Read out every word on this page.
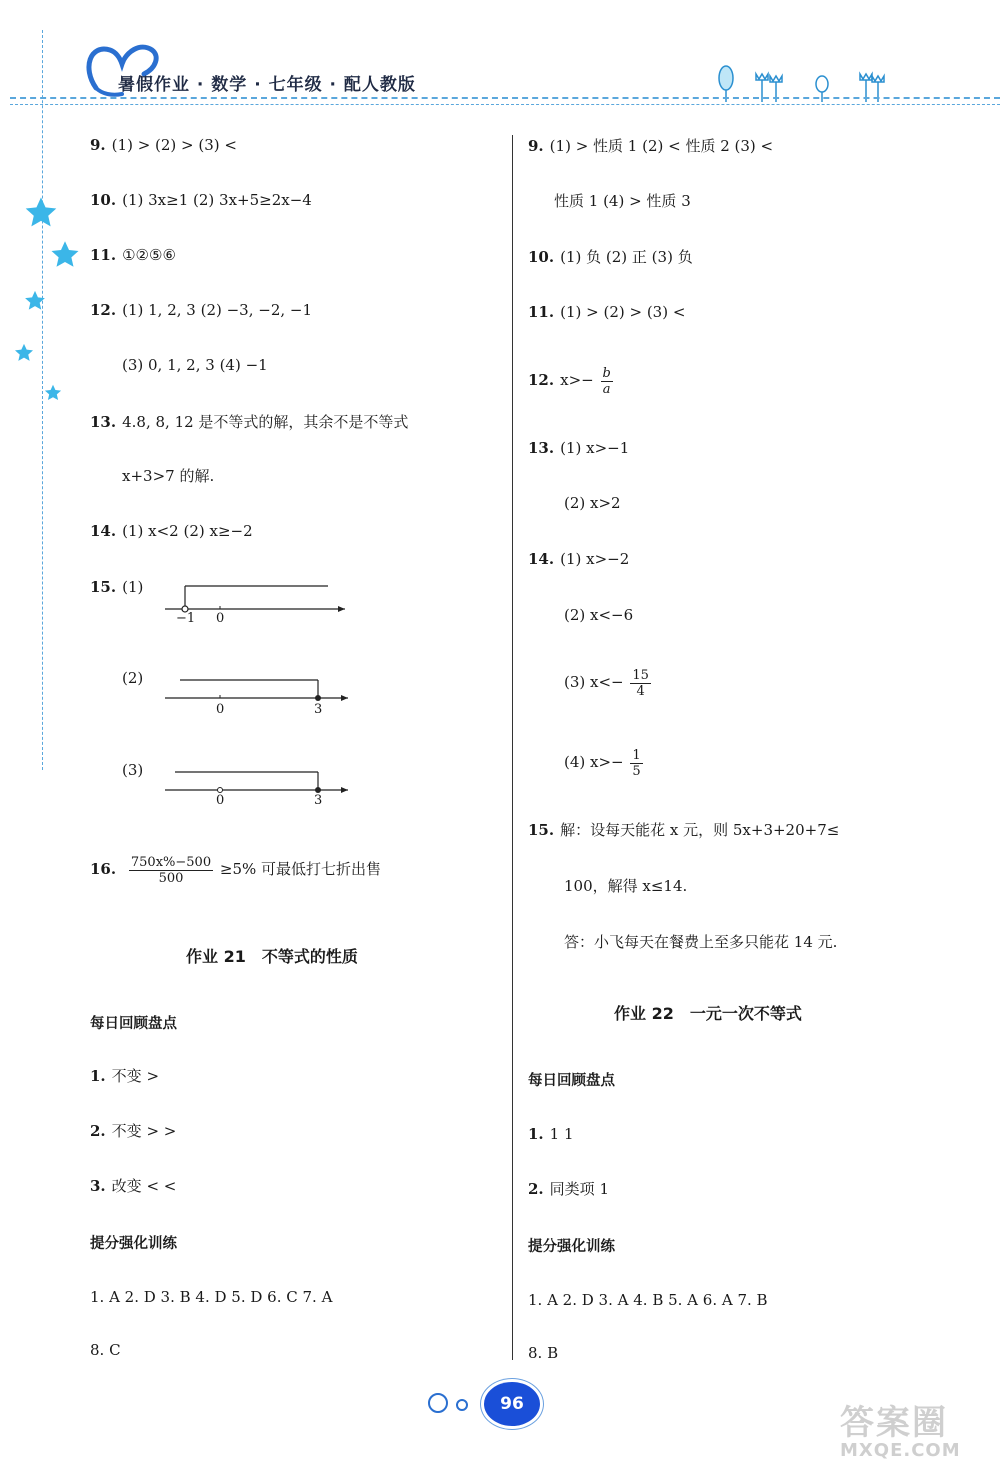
暑假作业 · 数学 · 七年级 · 配人教版
9. (1) > (2) > (3) <
10. (1) 3x≥1 (2) 3x+5≥2x−4
11. ①②⑤⑥
12. (1) 1, 2, 3 (2) −3, −2, −1
(3) 0, 1, 2, 3 (4) −1
13. 4.8, 8, 12 是不等式的解，其余不是不等式
x+3>7 的解.
14. (1) x<2 (2) x≥−2
15. (1)
−1 0
(2)
0	3
(3)
0	3
16. $\frac{750x\%-500}{500} \ge 5\%$ 可最低打七折出售
作业 21　不等式的性质
每日回顾盘点
1. 不变 >
2. 不变 > >
3. 改变 < <
提分强化训练
1. A 2. D 3. B 4. D 5. D 6. C 7. A
8. C
9. (1) > 性质 1 (2) < 性质 2 (3) <
性质 1 (4) > 性质 3
10. (1) 负 (2) 正 (3) 负
11. (1) > (2) > (3) <
12. $x>- \frac{b}{a}$
13. (1) x>−1
(2) x>2
14. (1) x>−2
(2) x<−6
(3) $x<- \frac{15}{4}$
(4) $x>- \frac{1}{5}$
15. 解：设每天能花 x 元，则 5x+3+20+7≤
100，解得 x≤14.
答：小飞每天在餐费上至多只能花 14 元.
作业 22　一元一次不等式
每日回顾盘点
1. 1 1
2. 同类项 1
提分强化训练
1. A 2. D 3. A 4. B 5. A 6. A 7. B
8. B
96	答案圈
MXQE.COM
